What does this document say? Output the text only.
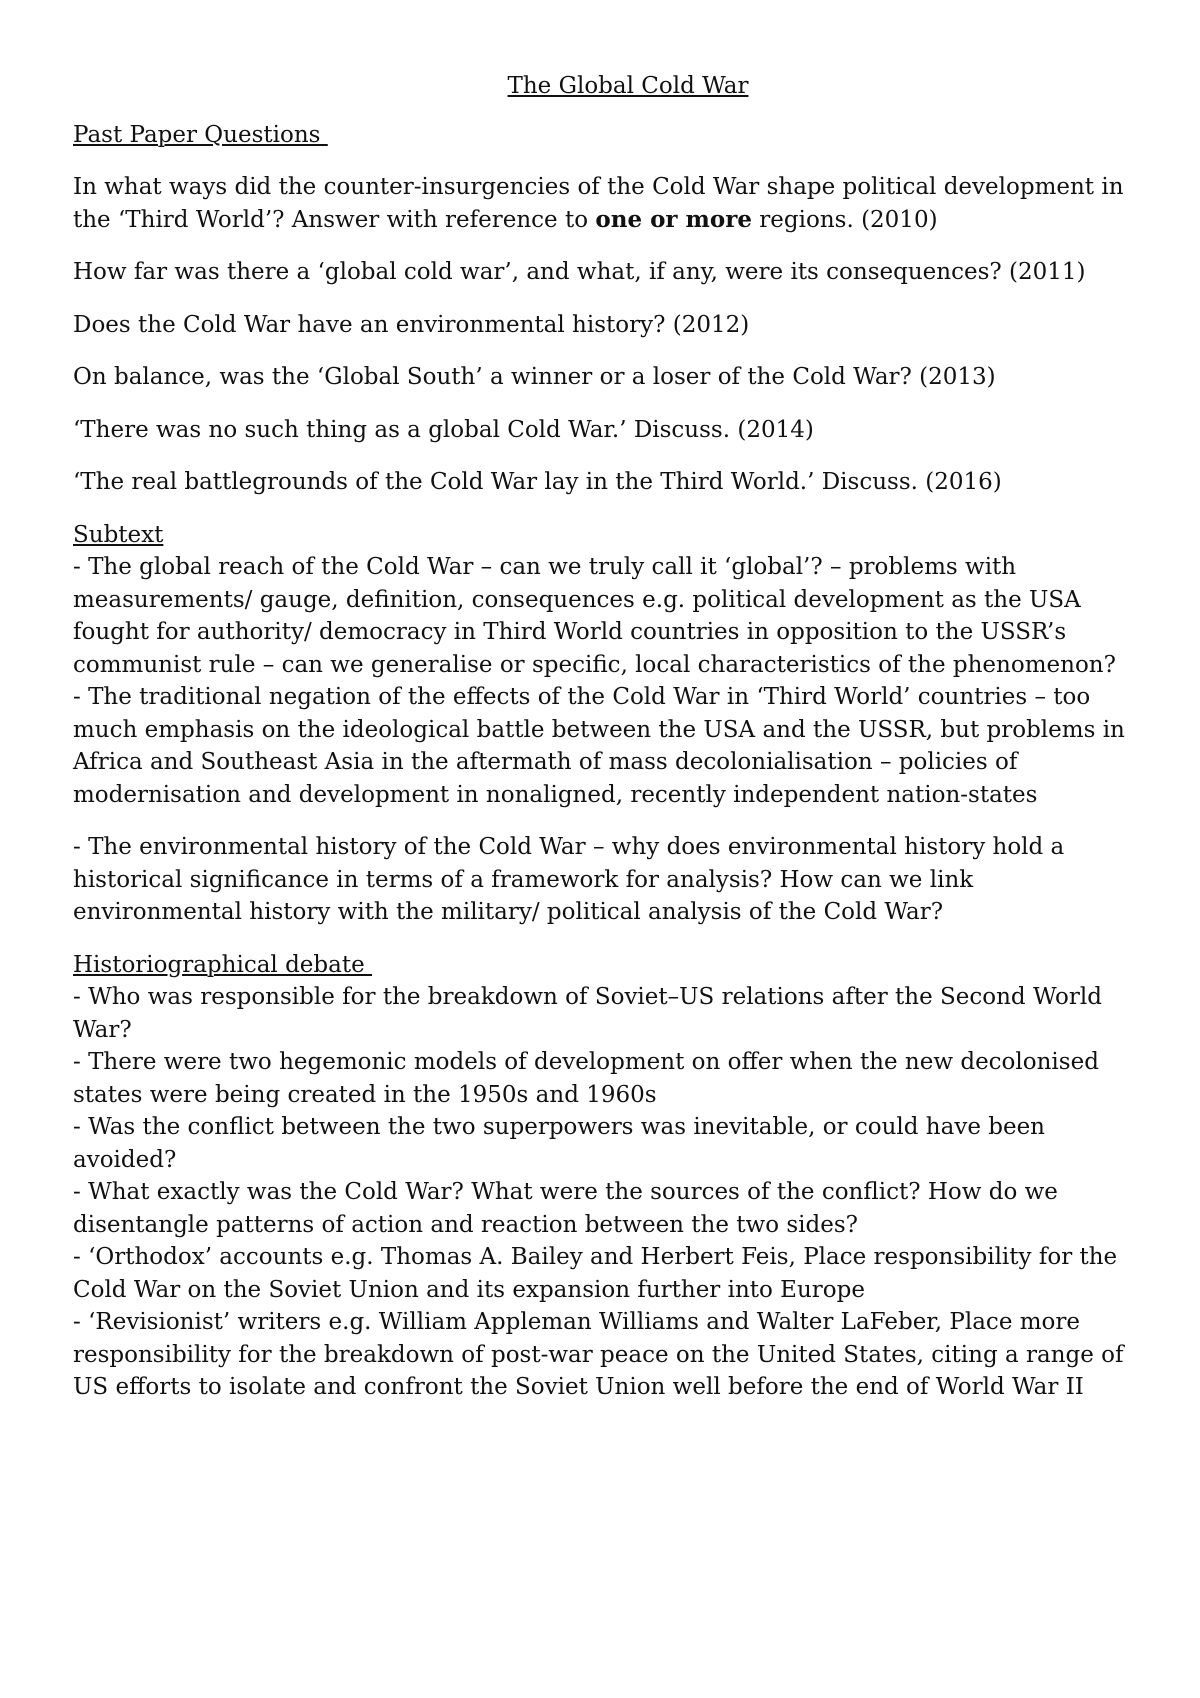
The Global Cold War

Past Paper Questions

In what ways did the counter-insurgencies of the Cold War shape political development in the ‘Third World’? Answer with reference to one or more regions. (2010)

How far was there a ‘global cold war’, and what, if any, were its consequences? (2011)

Does the Cold War have an environmental history? (2012)

On balance, was the ‘Global South’ a winner or a loser of the Cold War? (2013)

‘There was no such thing as a global Cold War.’ Discuss. (2014)

‘The real battlegrounds of the Cold War lay in the Third World.’ Discuss. (2016)

Subtext

- The global reach of the Cold War – can we truly call it ‘global’? – problems with measurements/ gauge, definition, consequences e.g. political development as the USA fought for authority/ democracy in Third World countries in opposition to the USSR’s communist rule – can we generalise or specific, local characteristics of the phenomenon?

- The traditional negation of the effects of the Cold War in ‘Third World’ countries – too much emphasis on the ideological battle between the USA and the USSR, but problems in Africa and Southeast Asia in the aftermath of mass decolonialisation – policies of modernisation and development in nonaligned, recently independent nation-states

- The environmental history of the Cold War – why does environmental history hold a historical significance in terms of a framework for analysis? How can we link environmental history with the military/ political analysis of the Cold War?

Historiographical debate

- Who was responsible for the breakdown of Soviet–US relations after the Second World War?

- There were two hegemonic models of development on offer when the new decolonised states were being created in the 1950s and 1960s

- Was the conflict between the two superpowers was inevitable, or could have been avoided?

- What exactly was the Cold War? What were the sources of the conflict? How do we disentangle patterns of action and reaction between the two sides?

- ‘Orthodox’ accounts e.g. Thomas A. Bailey and Herbert Feis, Place responsibility for the Cold War on the Soviet Union and its expansion further into Europe

- ‘Revisionist’ writers e.g. William Appleman Williams and Walter LaFeber, Place more responsibility for the breakdown of post-war peace on the United States, citing a range of US efforts to isolate and confront the Soviet Union well before the end of World War II
